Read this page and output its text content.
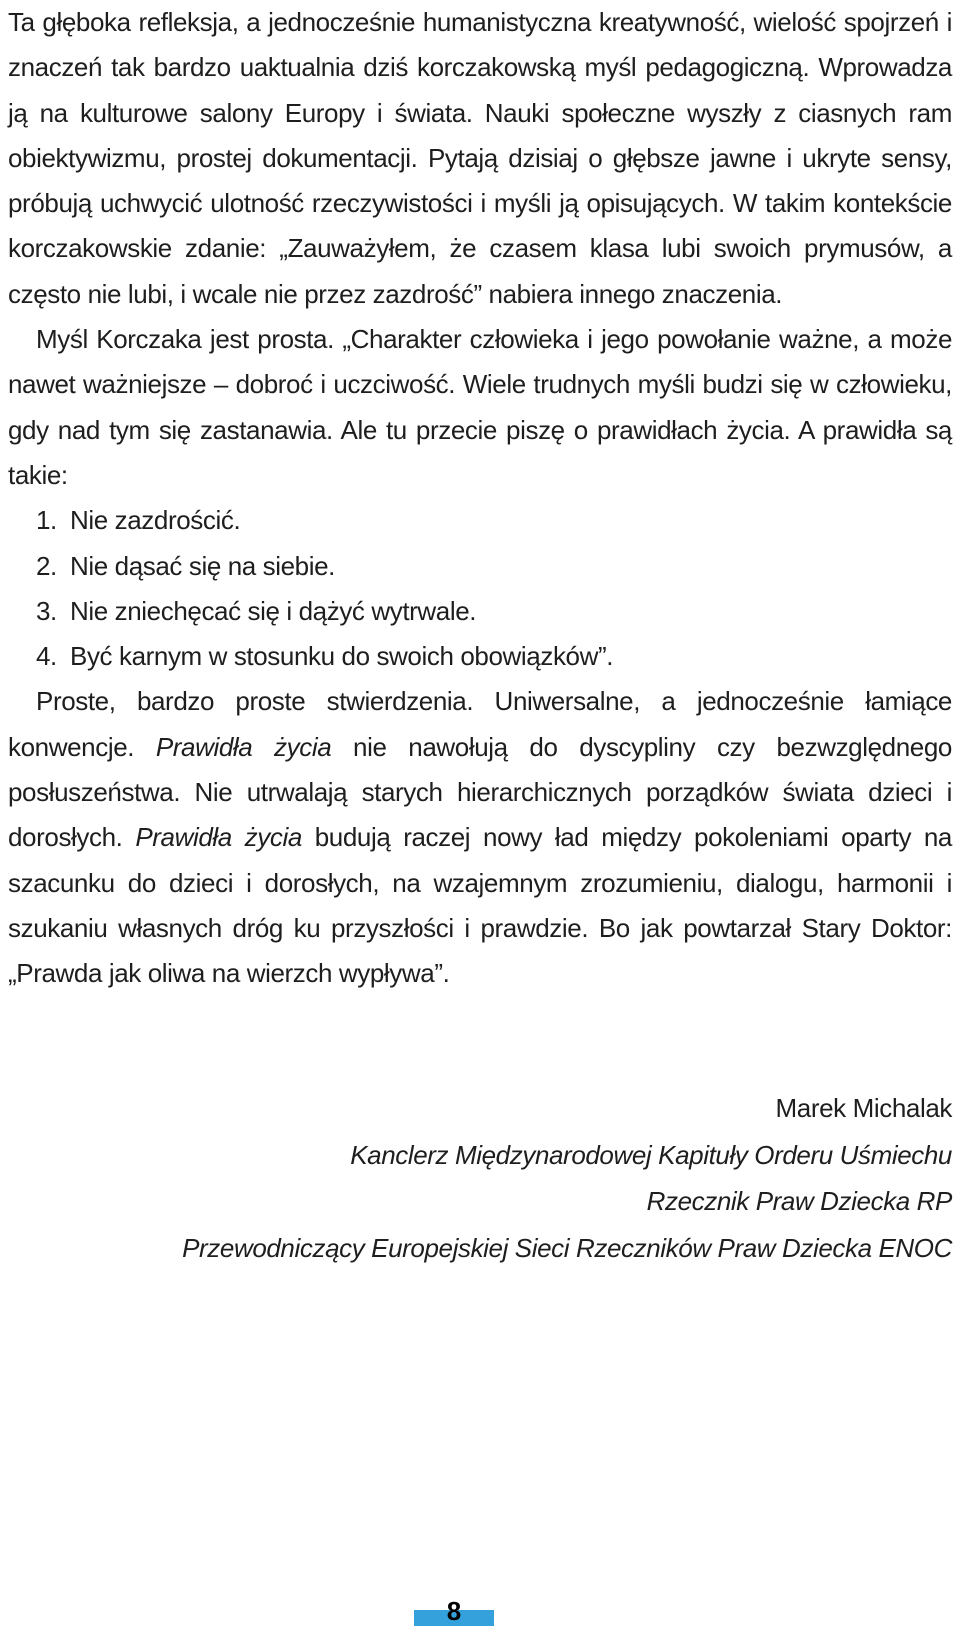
Ta głęboka refleksja, a jednocześnie humanistyczna kreatywność, wielość spojrzeń i znaczeń tak bardzo uaktualnia dziś korczakowską myśl pedagogiczną. Wprowadza ją na kulturowe salony Europy i świata. Nauki społeczne wyszły z ciasnych ram obiektywizmu, prostej dokumentacji. Pytają dzisiaj o głębsze jawne i ukryte sensy, próbują uchwycić ulotność rzeczywistości i myśli ją opisujących. W takim kontekście korczakowskie zdanie: „Zauważyłem, że czasem klasa lubi swoich prymusów, a często nie lubi, i wcale nie przez zazdrość” nabiera innego znaczenia.

Myśl Korczaka jest prosta. „Charakter człowieka i jego powołanie ważne, a może nawet ważniejsze – dobroć i uczciwość. Wiele trudnych myśli budzi się w człowieku, gdy nad tym się zastanawia. Ale tu przecie piszę o prawidłach życia. A prawidła są takie:

1. Nie zazdrościć.
2. Nie dąsać się na siebie.
3. Nie zniechęcać się i dążyć wytrwale.
4. Być karnym w stosunku do swoich obowiązków”.

Proste, bardzo proste stwierdzenia. Uniwersalne, a jednocześnie łamiące konwencje. Prawidła życia nie nawołują do dyscypliny czy bezwzględnego posłuszeństwa. Nie utrwalają starych hierarchicznych porządków świata dzieci i dorosłych. Prawidła życia budują raczej nowy ład między pokoleniami oparty na szacunku do dzieci i dorosłych, na wzajemnym zrozumieniu, dialogu, harmonii i szukaniu własnych dróg ku przyszłości i prawdzie. Bo jak powtarzał Stary Doktor: „Prawda jak oliwa na wierzch wypływa”.

Marek Michalak
Kanclerz Międzynarodowej Kapituły Orderu Uśmiechu
Rzecznik Praw Dziecka RP
Przewodniczący Europejskiej Sieci Rzeczników Praw Dziecka ENOC
8
